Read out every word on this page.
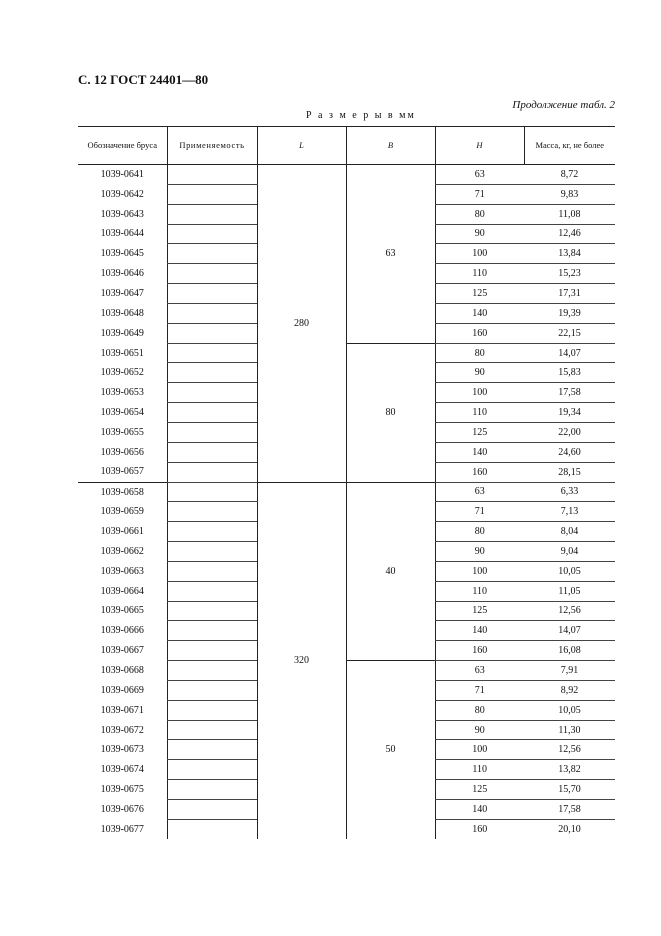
С. 12 ГОСТ 24401—80
Продолжение табл. 2
Р а з м е р ы в мм
Обозначение бруса	Применяемость	L	B	H	Масса, кг, не более
1039-0641		280	63	63	8,72
1039-0642				71	9,83
1039-0643				80	11,08
1039-0644				90	12,46
1039-0645				100	13,84
1039-0646				110	15,23
1039-0647				125	17,31
1039-0648				140	19,39
1039-0649				160	22,15
1039-0651			80	80	14,07
1039-0652				90	15,83
1039-0653				100	17,58
1039-0654				110	19,34
1039-0655				125	22,00
1039-0656				140	24,60
1039-0657				160	28,15
1039-0658		320	40	63	6,33
1039-0659				71	7,13
1039-0661				80	8,04
1039-0662				90	9,04
1039-0663				100	10,05
1039-0664				110	11,05
1039-0665				125	12,56
1039-0666				140	14,07
1039-0667				160	16,08
1039-0668			50	63	7,91
1039-0669				71	8,92
1039-0671				80	10,05
1039-0672				90	11,30
1039-0673				100	12,56
1039-0674				110	13,82
1039-0675				125	15,70
1039-0676				140	17,58
1039-0677				160	20,10
